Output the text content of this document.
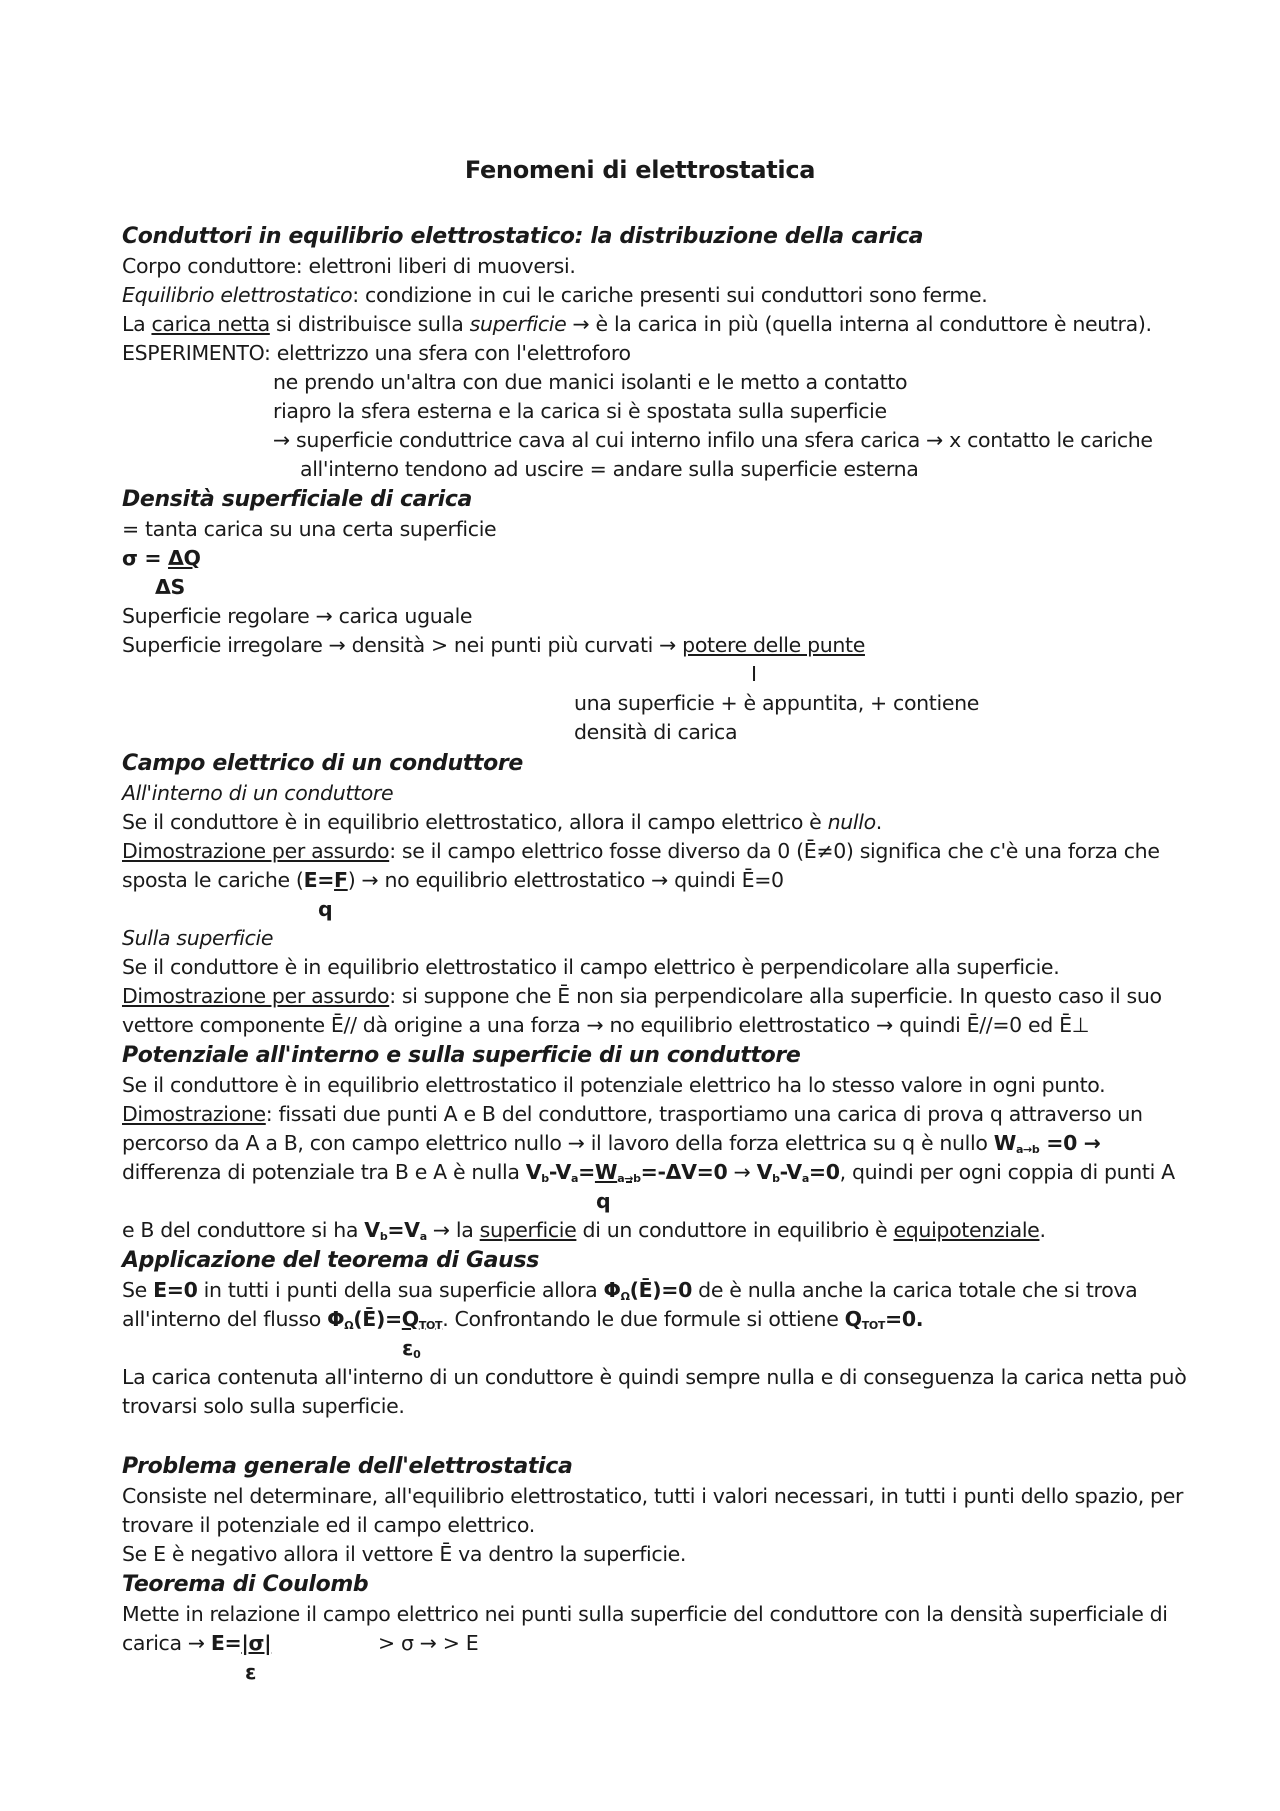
Fenomeni di elettrostatica
Conduttori in equilibrio elettrostatico: la distribuzione della carica
Corpo conduttore: elettroni liberi di muoversi.
Equilibrio elettrostatico: condizione in cui le cariche presenti sui conduttori sono ferme.
La carica netta si distribuisce sulla superficie → è la carica in più (quella interna al conduttore è neutra).
ESPERIMENTO: elettrizzo una sfera con l'elettroforo
ne prendo un'altra con due manici isolanti e le metto a contatto
riapro la sfera esterna e la carica si è spostata sulla superficie
→ superficie conduttrice cava al cui interno infilo una sfera carica → x contatto le cariche
all'interno tendono ad uscire = andare sulla superficie esterna
Densità superficiale di carica
= tanta carica su una certa superficie
σ = ΔQ
ΔS
Superficie regolare → carica uguale
Superficie irregolare → densità > nei punti più curvati → potere delle punte
I
una superficie + è appuntita, + contiene
densità di carica
Campo elettrico di un conduttore
All'interno di un conduttore
Se il conduttore è in equilibrio elettrostatico, allora il campo elettrico è nullo.
Dimostrazione per assurdo: se il campo elettrico fosse diverso da 0 (Ē≠0) significa che c'è una forza che
sposta le cariche (E=F) → no equilibrio elettrostatico → quindi Ē=0
q
Sulla superficie
Se il conduttore è in equilibrio elettrostatico il campo elettrico è perpendicolare alla superficie.
Dimostrazione per assurdo: si suppone che Ē non sia perpendicolare alla superficie. In questo caso il suo
vettore componente Ē// dà origine a una forza → no equilibrio elettrostatico → quindi Ē//=0 ed Ē⊥
Potenziale all'interno e sulla superficie di un conduttore
Se il conduttore è in equilibrio elettrostatico il potenziale elettrico ha lo stesso valore in ogni punto.
Dimostrazione: fissati due punti A e B del conduttore, trasportiamo una carica di prova q attraverso un
percorso da A a B, con campo elettrico nullo → il lavoro della forza elettrica su q è nullo $W_{a\to b} =0$ →
differenza di potenziale tra B e A è nulla $V_b-V_a=W_{a\to b}=-\Delta V=0 \to V_b-V_a=0$, quindi per ogni coppia di punti A
q
e B del conduttore si ha $V_b=V_a$ → la superficie di un conduttore in equilibrio è equipotenziale.
Applicazione del teorema di Gauss
Se E=0 in tutti i punti della sua superficie allora $\Phi_\Omega(Ē)=0$ de è nulla anche la carica totale che si trova
all'interno del flusso $\Phi_\Omega(Ē)=Q_{TOT}$. Confrontando le due formule si ottiene $Q_{TOT}=0$.
$\varepsilon_0$
La carica contenuta all'interno di un conduttore è quindi sempre nulla e di conseguenza la carica netta può
trovarsi solo sulla superficie.
Problema generale dell'elettrostatica
Consiste nel determinare, all'equilibrio elettrostatico, tutti i valori necessari, in tutti i punti dello spazio, per
trovare il potenziale ed il campo elettrico.
Se E è negativo allora il vettore Ē va dentro la superficie.
Teorema di Coulomb
Mette in relazione il campo elettrico nei punti sulla superficie del conduttore con la densità superficiale di
carica → E=|σ|	> σ → > E
ε
